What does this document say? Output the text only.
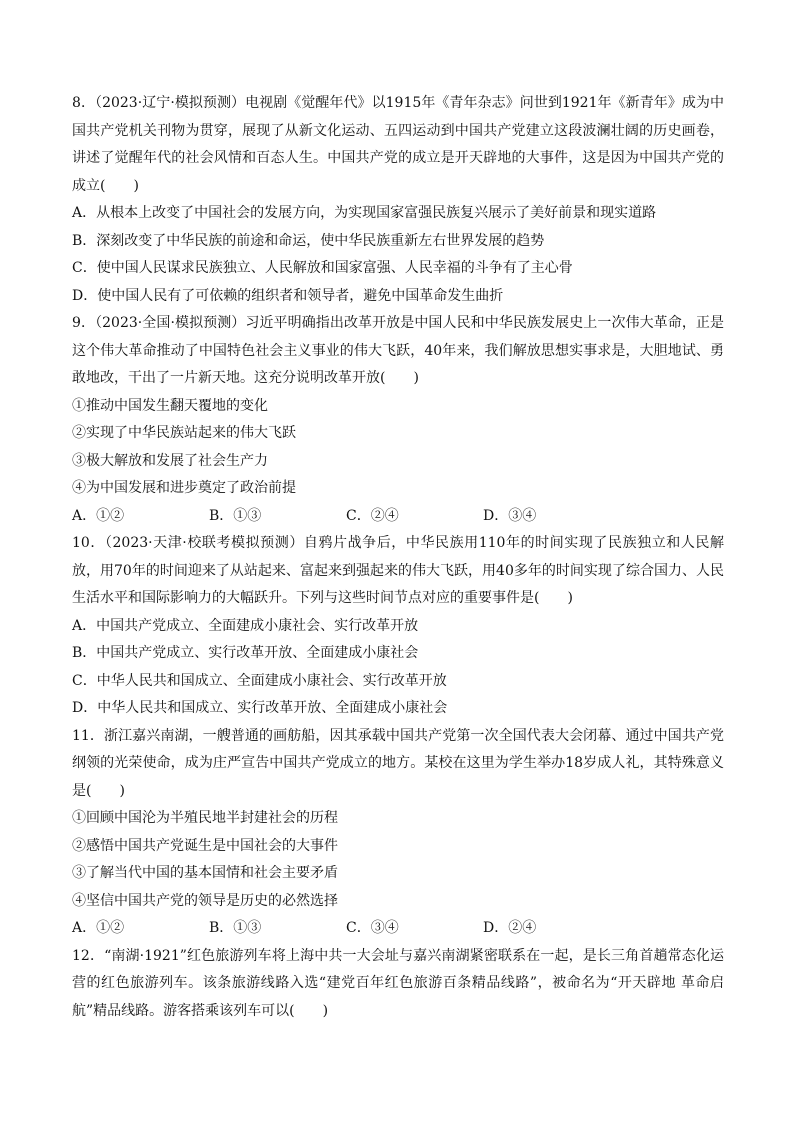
8．（2023·辽宁·模拟预测）电视剧《觉醒年代》以1915年《青年杂志》问世到1921年《新青年》成为中国共产党机关刊物为贯穿，展现了从新文化运动、五四运动到中国共产党建立这段波澜壮阔的历史画卷，讲述了觉醒年代的社会风情和百态人生。中国共产党的成立是开天辟地的大事件，这是因为中国共产党的成立(　　)

A．从根本上改变了中国社会的发展方向，为实现国家富强民族复兴展示了美好前景和现实道路

B．深刻改变了中华民族的前途和命运，使中华民族重新左右世界发展的趋势

C．使中国人民谋求民族独立、人民解放和国家富强、人民幸福的斗争有了主心骨

D．使中国人民有了可依赖的组织者和领导者，避免中国革命发生曲折

9．（2023·全国·模拟预测）习近平明确指出改革开放是中国人民和中华民族发展史上一次伟大革命，正是这个伟大革命推动了中国特色社会主义事业的伟大飞跃，40年来，我们解放思想实事求是，大胆地试、勇敢地改，干出了一片新天地。这充分说明改革开放(　　)

①推动中国发生翻天覆地的变化

②实现了中华民族站起来的伟大飞跃

③极大解放和发展了社会生产力

④为中国发展和进步奠定了政治前提

A．①②	B．①③	C．②④	D．③④

10．（2023·天津·校联考模拟预测）自鸦片战争后，中华民族用110年的时间实现了民族独立和人民解放，用70年的时间迎来了从站起来、富起来到强起来的伟大飞跃，用40多年的时间实现了综合国力、人民生活水平和国际影响力的大幅跃升。下列与这些时间节点对应的重要事件是(　　)

A．中国共产党成立、全面建成小康社会、实行改革开放

B．中国共产党成立、实行改革开放、全面建成小康社会

C．中华人民共和国成立、全面建成小康社会、实行改革开放

D．中华人民共和国成立、实行改革开放、全面建成小康社会

11．浙江嘉兴南湖，一艘普通的画舫船，因其承载中国共产党第一次全国代表大会闭幕、通过中国共产党纲领的光荣使命，成为庄严宣告中国共产党成立的地方。某校在这里为学生举办18岁成人礼，其特殊意义是(　　)

①回顾中国沦为半殖民地半封建社会的历程

②感悟中国共产党诞生是中国社会的大事件

③了解当代中国的基本国情和社会主要矛盾

④坚信中国共产党的领导是历史的必然选择

A．①②	B．①③	C．③④	D．②④

12．“南湖·1921”红色旅游列车将上海中共一大会址与嘉兴南湖紧密联系在一起，是长三角首趟常态化运营的红色旅游列车。该条旅游线路入选“建党百年红色旅游百条精品线路”，被命名为“开天辟地 革命启航”精品线路。游客搭乘该列车可以(　　)
